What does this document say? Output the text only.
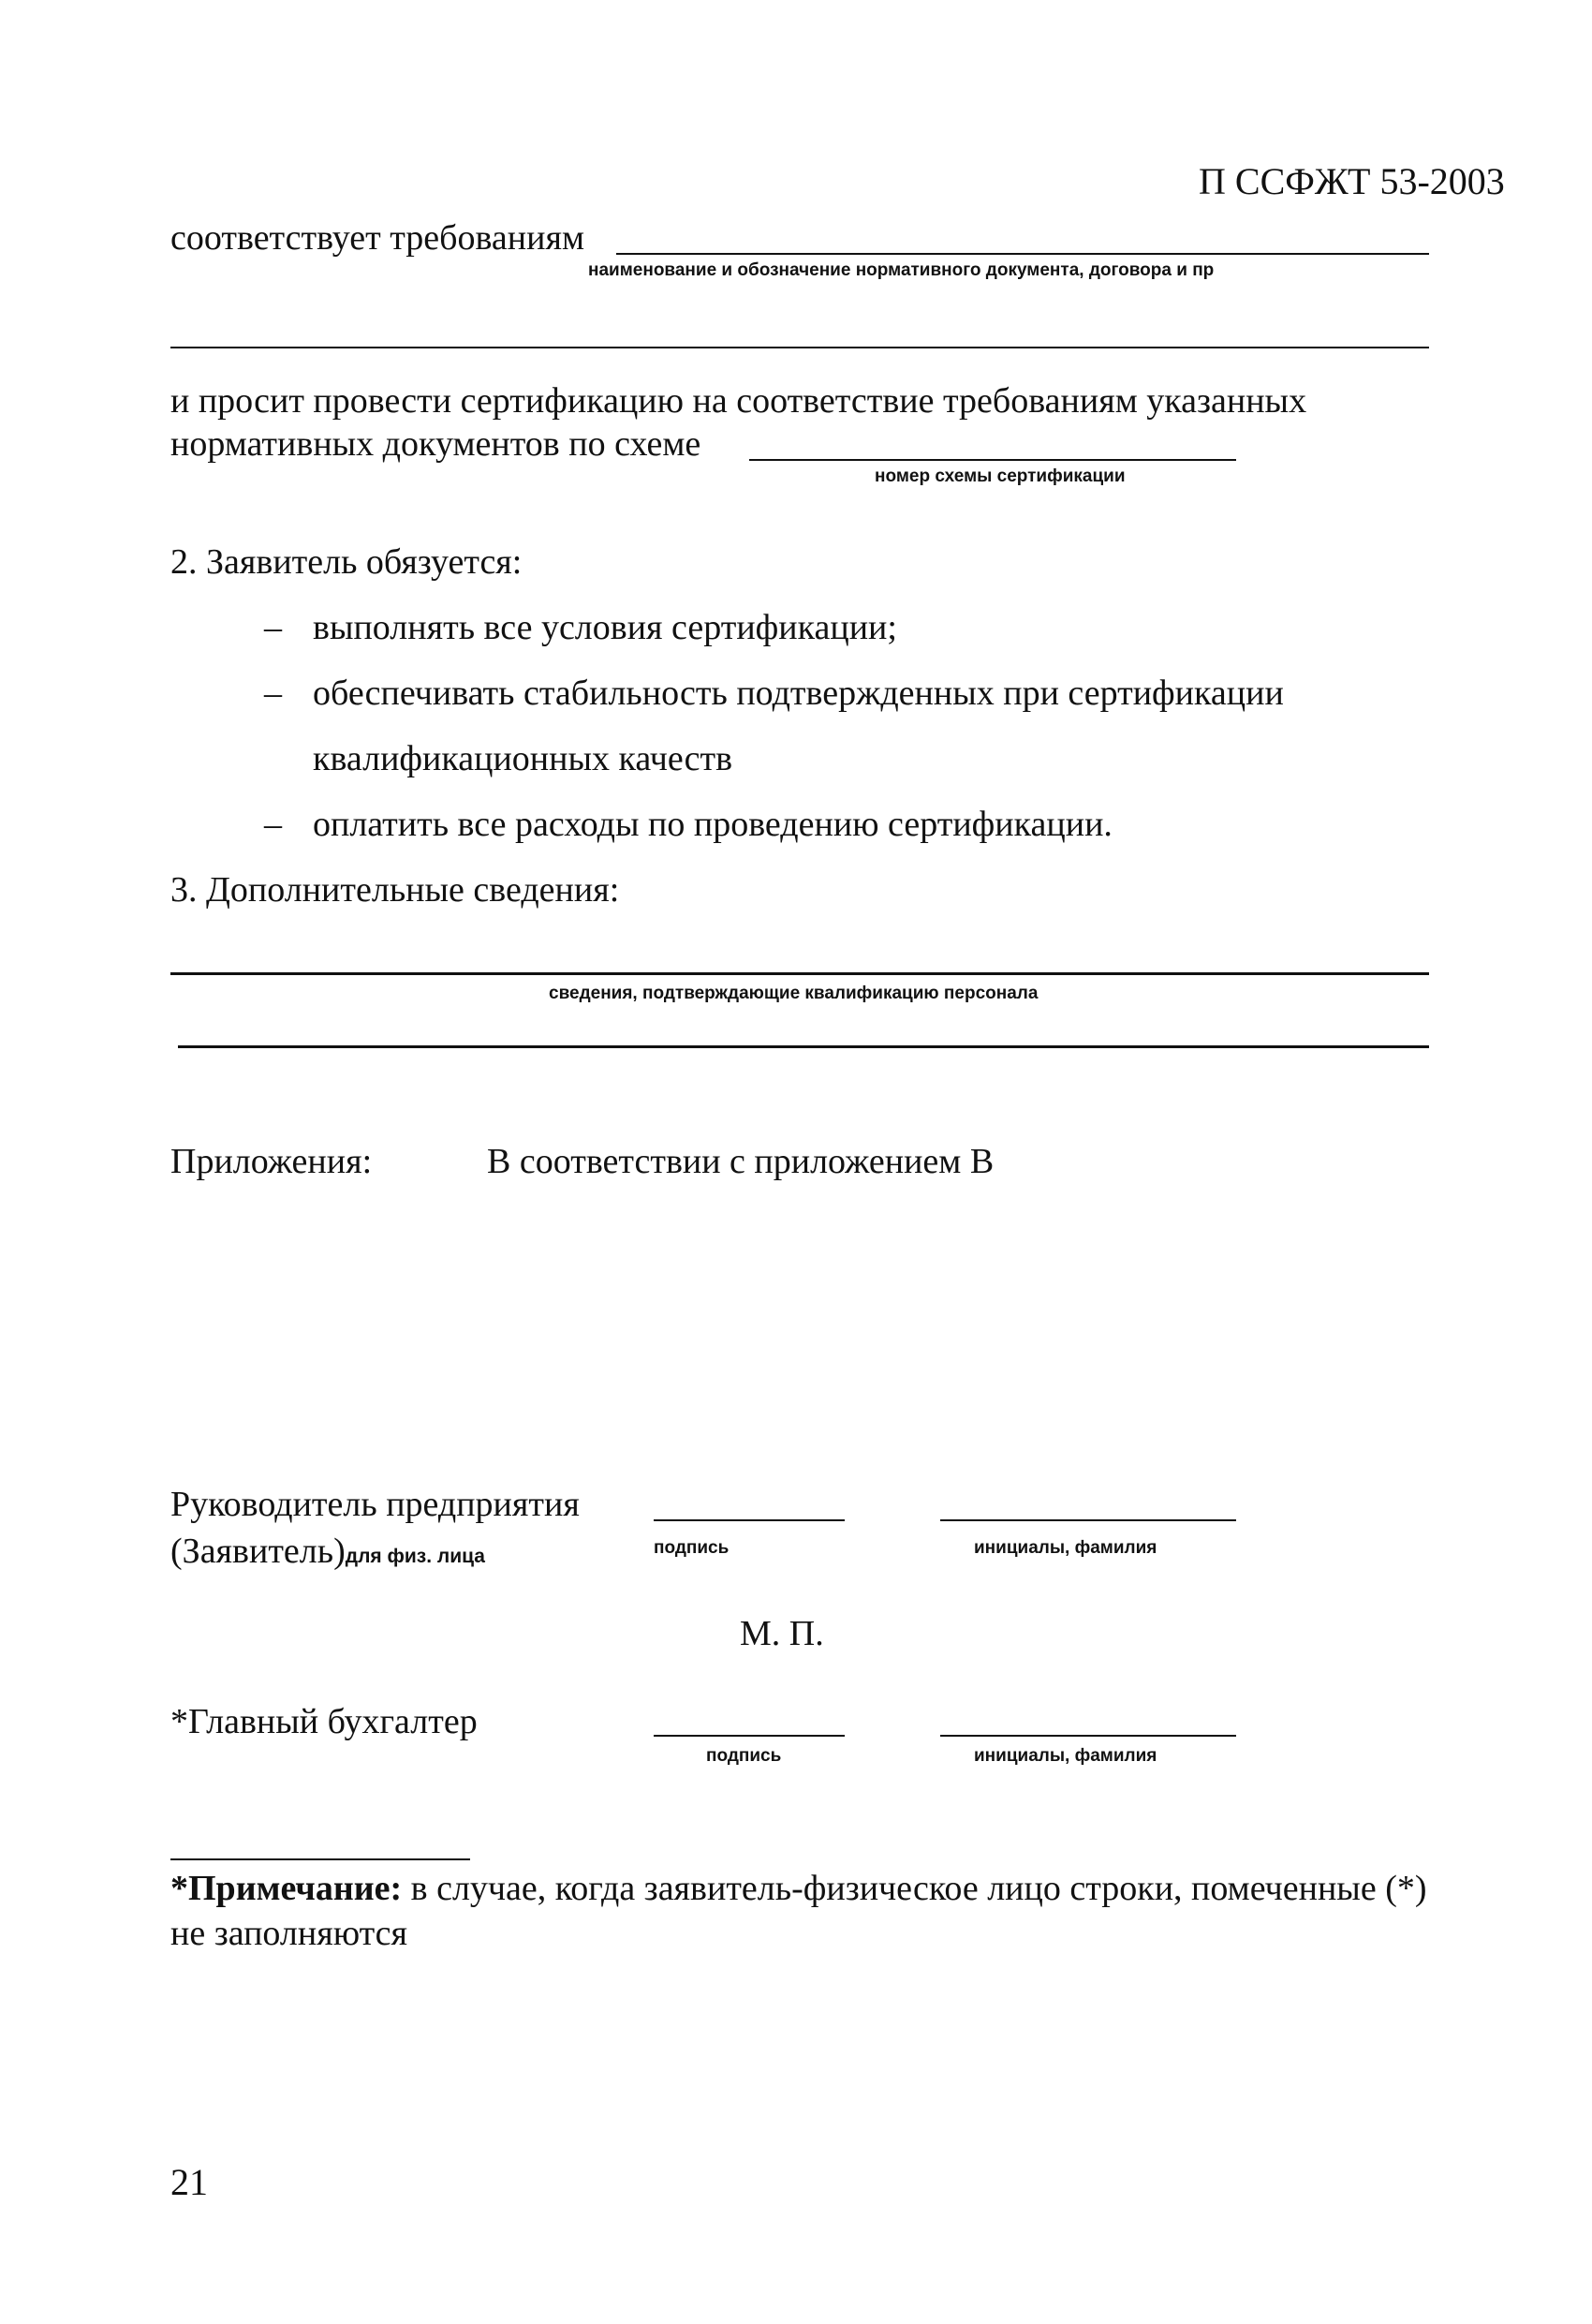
П ССФЖТ 53-2003
соответствует требованиям
наименование и обозначение нормативного документа, договора и пр
и просит провести сертификацию на соответствие требованиям указанных
нормативных документов по схеме
номер схемы сертификации
2. Заявитель обязуется:
– выполнять все условия сертификации;
– обеспечивать стабильность подтвержденных при сертификации
квалификационных качеств
– оплатить все расходы по проведению сертификации.
3. Дополнительные сведения:
сведения, подтверждающие квалификацию персонала
Приложения:	В соответствии с приложением В
Руководитель предприятия
(Заявитель)для физ. лица	подпись	инициалы, фамилия
М. П.
*Главный бухгалтер
подпись	инициалы, фамилия
*Примечание: в случае, когда заявитель-физическое лицо строки, помеченные (*)
не заполняются
21
